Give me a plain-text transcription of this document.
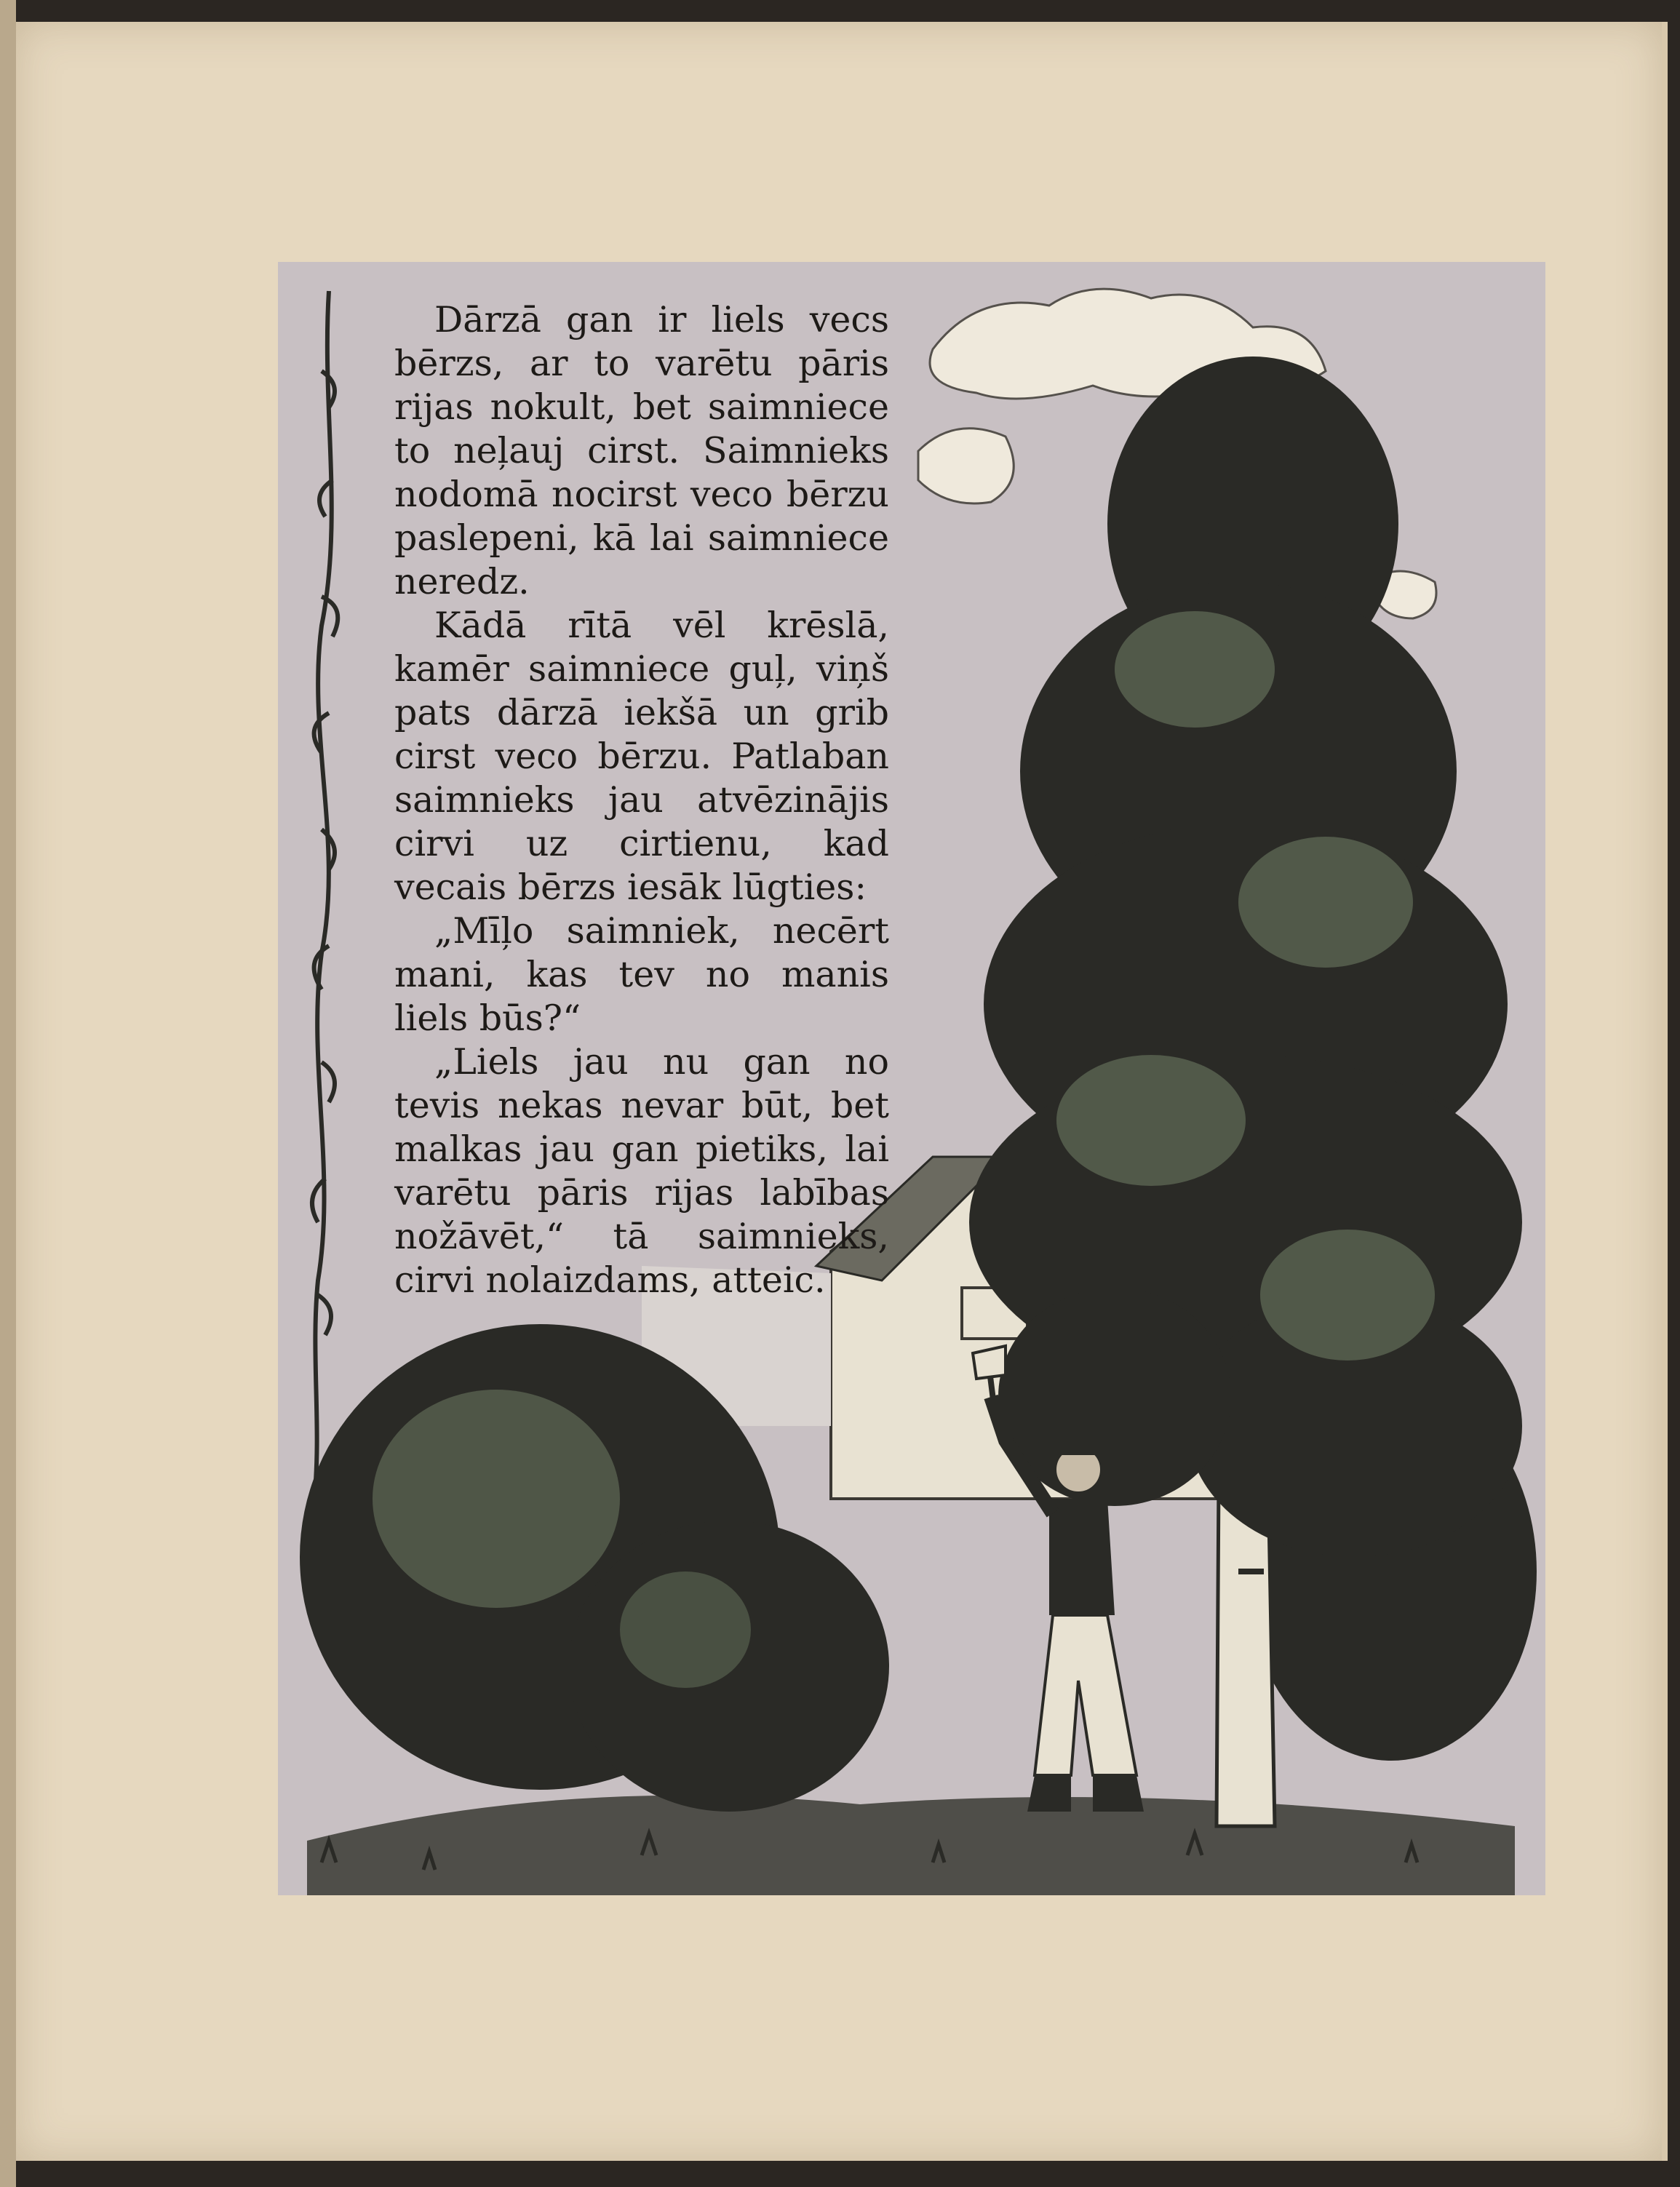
Dārzā gan ir liels vecs bērzs, ar to varētu pāris rijas nokult, bet saimniece to neļauj cirst. Saimnieks nodomā nocirst veco bērzu paslepeni, kā lai saimniece neredz.

Kādā rītā vēl krēslā, kamēr saimniece guļ, viņš pats dārzā iekšā un grib cirst veco bērzu. Patlaban saimnieks jau atvēzinājis cirvi uz cirtienu, kad vecais bērzs iesāk lūgties:

„Mīļo saimniek, necērt mani, kas tev no manis liels būs?“

„Liels jau nu gan no tevis nekas nevar būt, bet malkas jau gan pietiks, lai varētu pāris rijas labības nožāvēt,“ tā saimnieks, cirvi nolaizdams, atteic.
